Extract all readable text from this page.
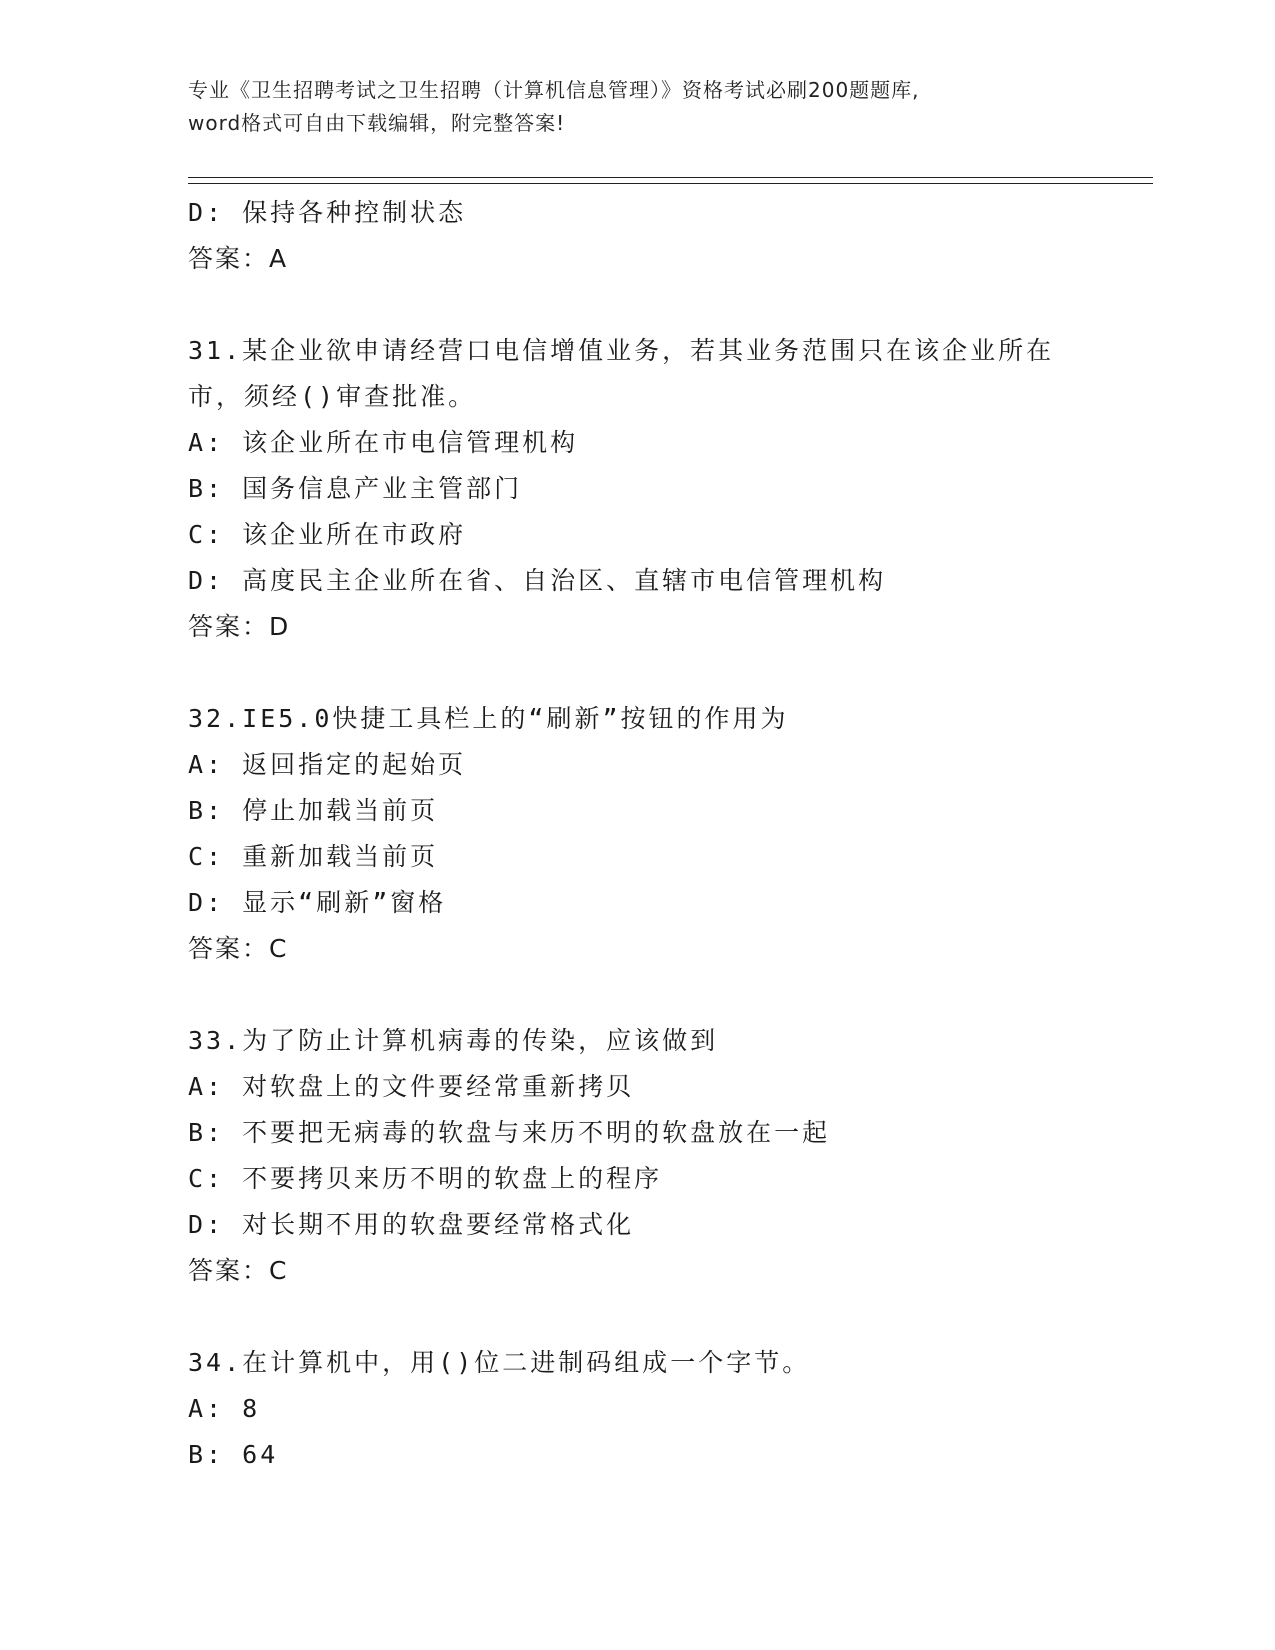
专业《卫生招聘考试之卫生招聘（计算机信息管理）》资格考试必刷200题题库,

word格式可自由下载编辑，附完整答案!

D: 保持各种控制状态
答案：A
31.某企业欲申请经营口电信增值业务，若其业务范围只在该企业所在
市，须经()审查批准。
A: 该企业所在市电信管理机构
B: 国务信息产业主管部门
C: 该企业所在市政府
D: 高度民主企业所在省、自治区、直辖市电信管理机构
答案：D
32.IE5.0快捷工具栏上的“刷新”按钮的作用为
A: 返回指定的起始页
B: 停止加载当前页
C: 重新加载当前页
D: 显示“刷新”窗格
答案：C
33.为了防止计算机病毒的传染，应该做到
A: 对软盘上的文件要经常重新拷贝
B: 不要把无病毒的软盘与来历不明的软盘放在一起
C: 不要拷贝来历不明的软盘上的程序
D: 对长期不用的软盘要经常格式化
答案：C
34.在计算机中，用()位二进制码组成一个字节。
A: 8
B: 64
